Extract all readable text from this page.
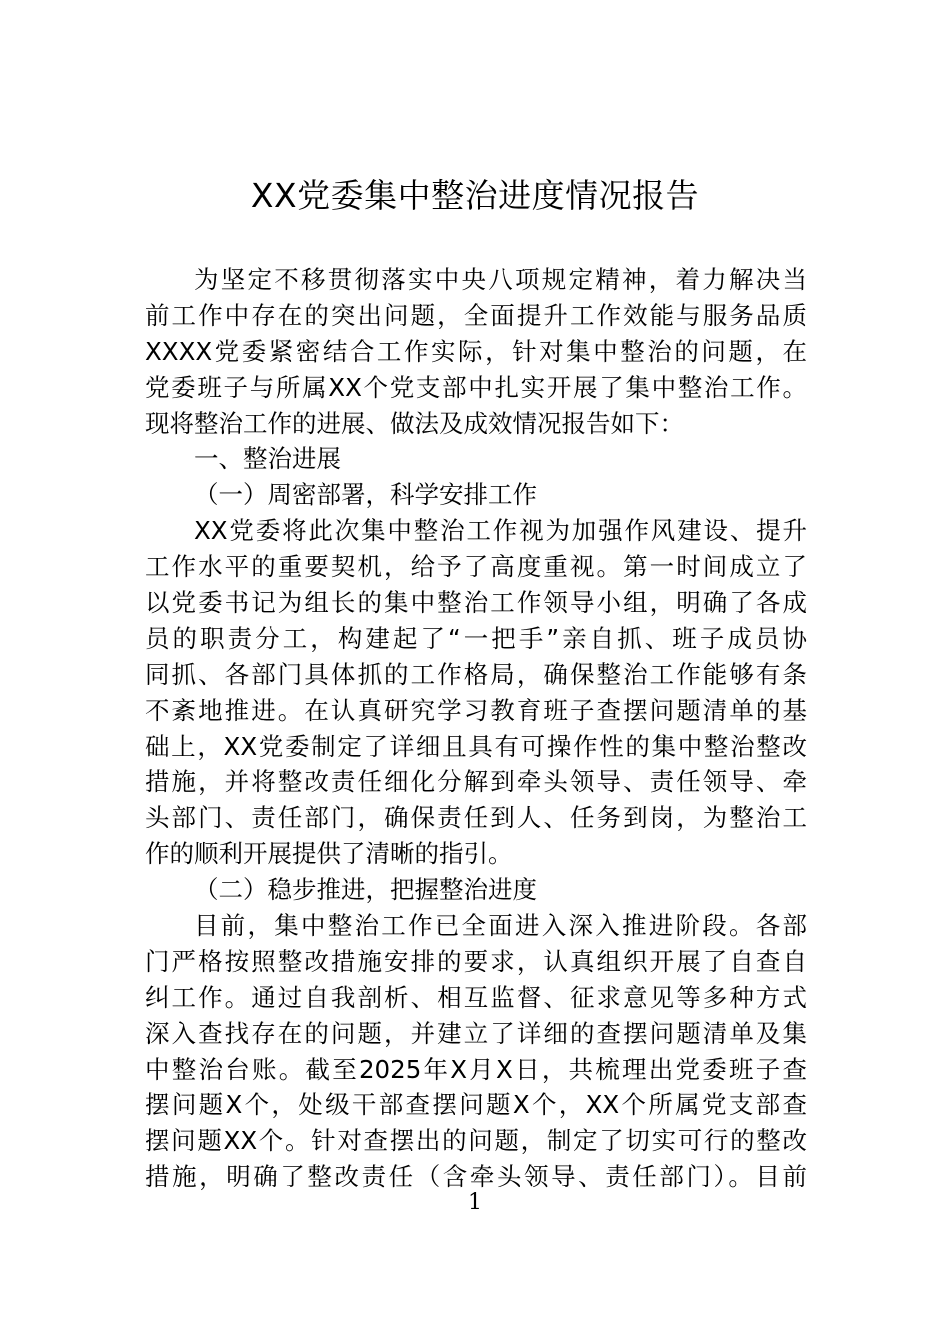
XX党委集中整治进度情况报告
为坚定不移贯彻落实中央八项规定精神，着力解决当
前工作中存在的突出问题，全面提升工作效能与服务品质
XXXX党委紧密结合工作实际，针对集中整治的问题，在
党委班子与所属XX个党支部中扎实开展了集中整治工作。
现将整治工作的进展、做法及成效情况报告如下：
一、整治进展
（一）周密部署，科学安排工作
XX党委将此次集中整治工作视为加强作风建设、提升
工作水平的重要契机，给予了高度重视。第一时间成立了
以党委书记为组长的集中整治工作领导小组，明确了各成
员的职责分工，构建起了“一把手”亲自抓、班子成员协
同抓、各部门具体抓的工作格局，确保整治工作能够有条
不紊地推进。在认真研究学习教育班子查摆问题清单的基
础上，XX党委制定了详细且具有可操作性的集中整治整改
措施，并将整改责任细化分解到牵头领导、责任领导、牵
头部门、责任部门，确保责任到人、任务到岗，为整治工
作的顺利开展提供了清晰的指引。
（二）稳步推进，把握整治进度
目前，集中整治工作已全面进入深入推进阶段。各部
门严格按照整改措施安排的要求，认真组织开展了自查自
纠工作。通过自我剖析、相互监督、征求意见等多种方式
深入查找存在的问题，并建立了详细的查摆问题清单及集
中整治台账。截至2025年X月X日，共梳理出党委班子查
摆问题X个，处级干部查摆问题X个，XX个所属党支部查
摆问题XX个。针对查摆出的问题，制定了切实可行的整改
措施，明确了整改责任（含牵头领导、责任部门）。目前
1
